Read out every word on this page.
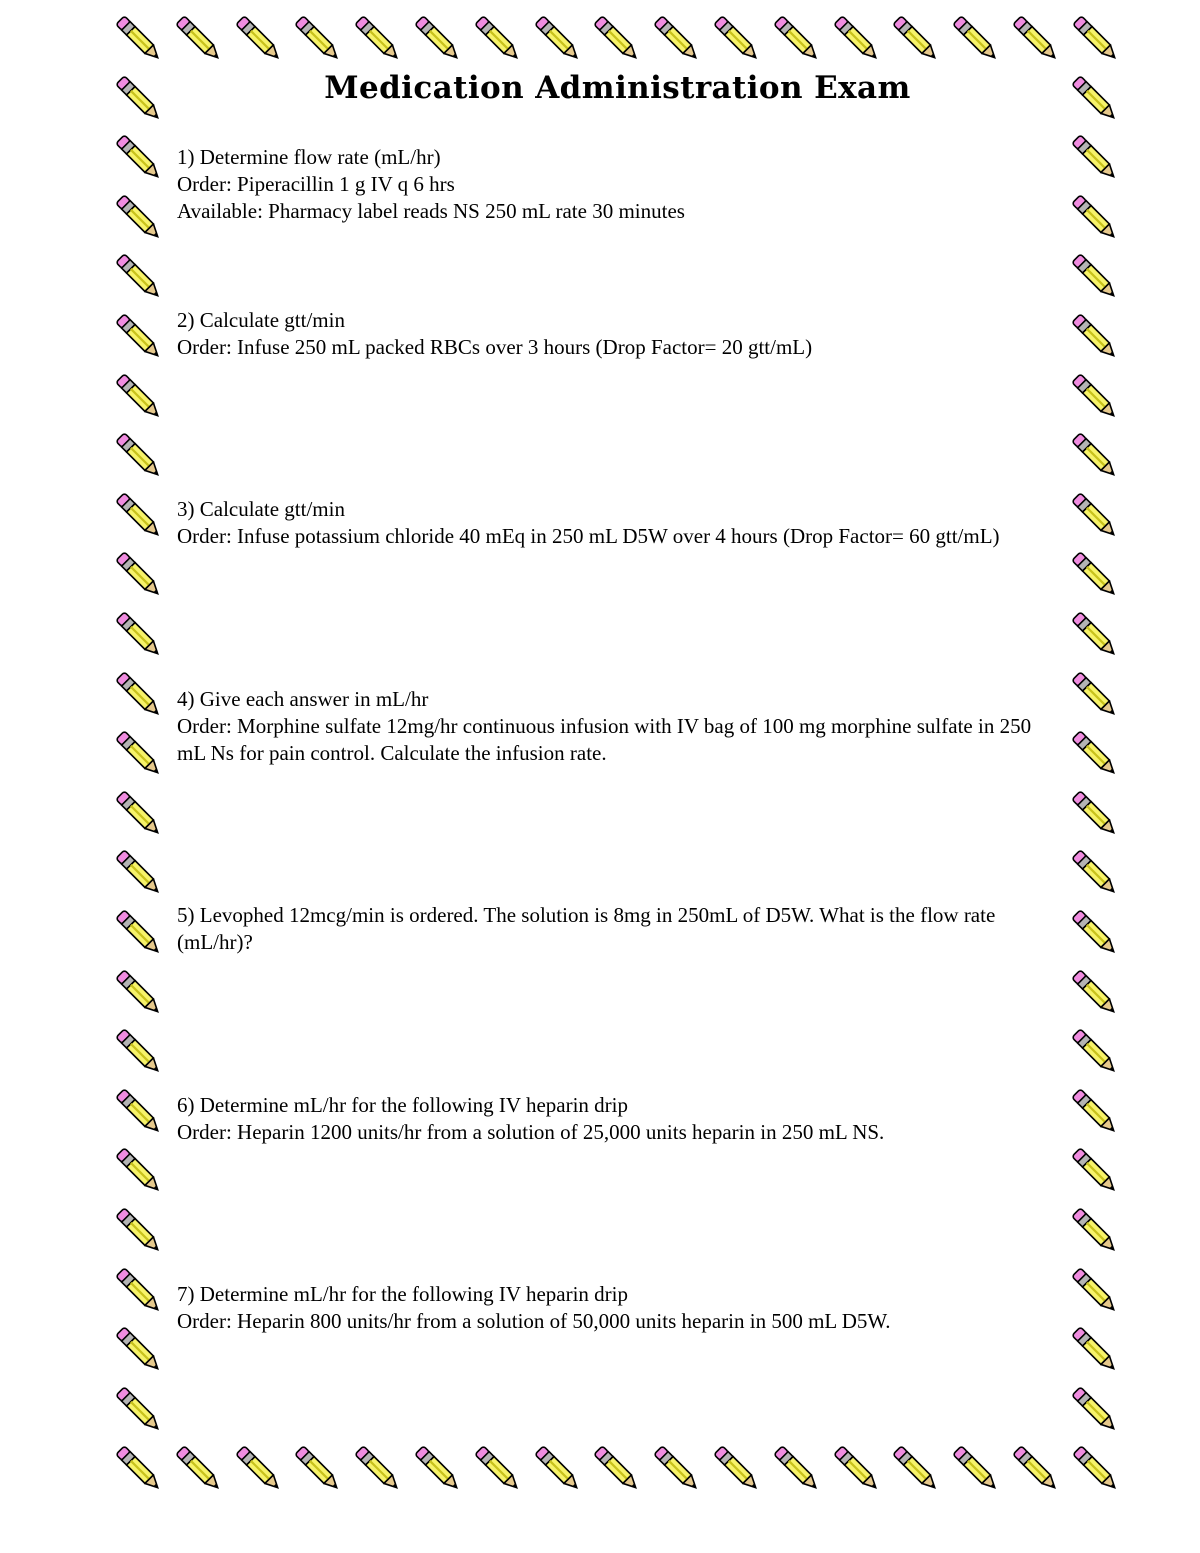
Medication Administration Exam
1) Determine flow rate (mL/hr)
Order: Piperacillin 1 g IV q 6 hrs
Available: Pharmacy label reads NS 250 mL rate 30 minutes
2) Calculate gtt/min
Order: Infuse 250 mL packed RBCs over 3 hours (Drop Factor= 20 gtt/mL)
3) Calculate gtt/min
Order: Infuse potassium chloride 40 mEq in 250 mL D5W over 4 hours (Drop Factor= 60 gtt/mL)
4) Give each answer in mL/hr
Order: Morphine sulfate 12mg/hr continuous infusion with IV bag of 100 mg morphine sulfate in 250 mL Ns for pain control. Calculate the infusion rate.
5) Levophed 12mcg/min is ordered. The solution is 8mg in 250mL of D5W. What is the flow rate (mL/hr)?
6) Determine mL/hr for the following IV heparin drip
Order: Heparin 1200 units/hr from a solution of 25,000 units heparin in 250 mL NS.
7) Determine mL/hr for the following IV heparin drip
Order: Heparin 800 units/hr from a solution of 50,000 units heparin in 500 mL D5W.
